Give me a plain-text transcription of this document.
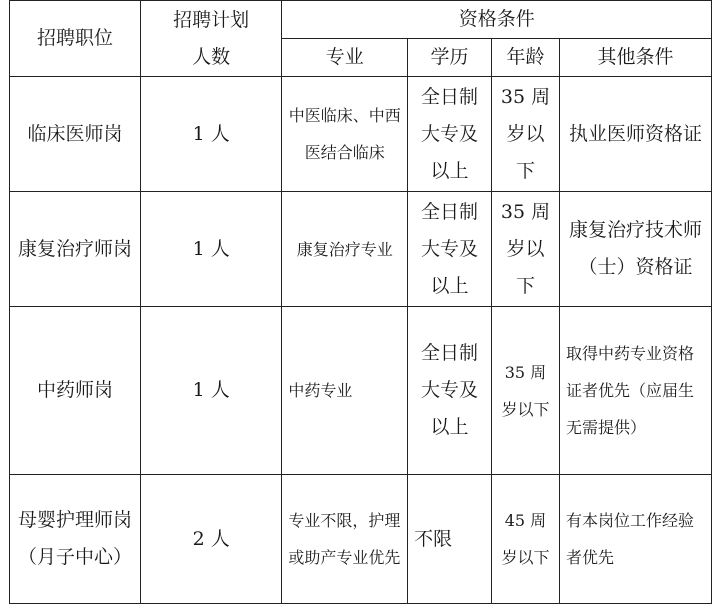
招聘职位	招聘计划人数	资格条件			
		专业	学历	年龄	其他条件
临床医师岗	1 人	中医临床、中西医结合临床	全日制大专及以上	35 周岁以下	执业医师资格证
康复治疗师岗	1 人	康复治疗专业	全日制大专及以上	35 周岁以下	康复治疗技术师（士）资格证
中药师岗	1 人	中药专业	全日制大专及以上	35 周岁以下	取得中药专业资格证者优先（应届生无需提供）
母婴护理师岗（月子中心）	2 人	专业不限，护理或助产专业优先	不限	45 周岁以下	有本岗位工作经验者优先
